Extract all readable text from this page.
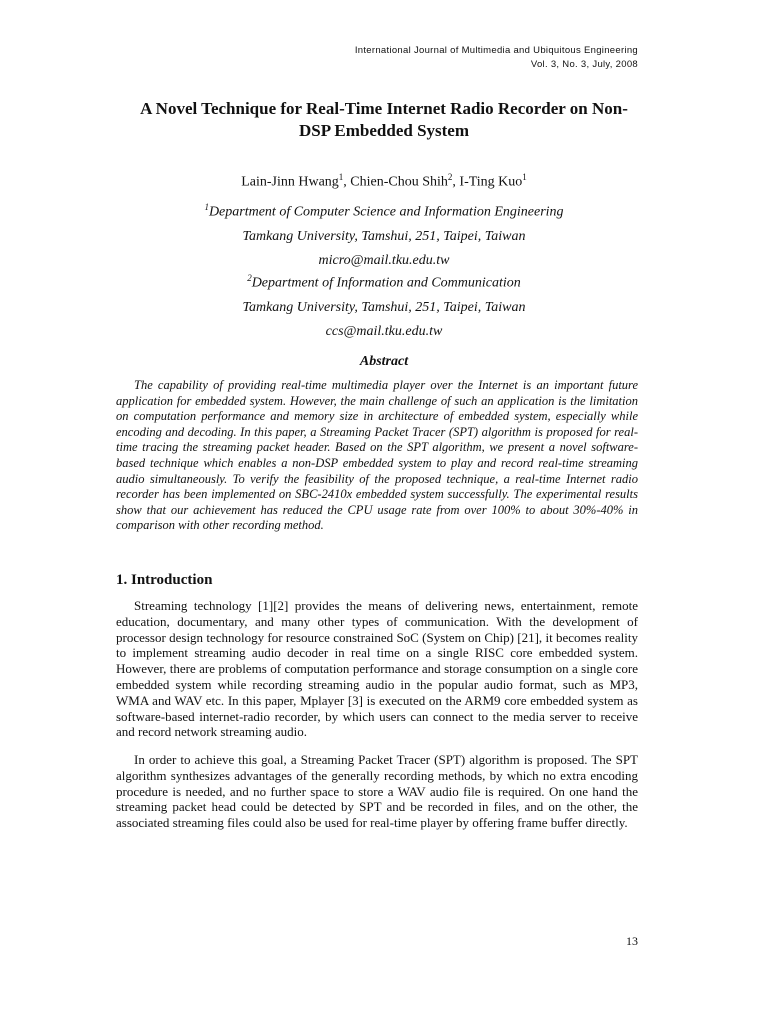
International Journal of Multimedia and Ubiquitous Engineering
Vol. 3, No. 3, July, 2008
A Novel Technique for Real-Time Internet Radio Recorder on Non-
DSP Embedded System
Lain-Jinn Hwang$^1$, Chien-Chou Shih$^2$, I-Ting Kuo$^1$
$^1$Department of Computer Science and Information Engineering
Tamkang University, Tamshui, 251, Taipei, Taiwan
micro@mail.tku.edu.tw
$^2$Department of Information and Communication
Tamkang University, Tamshui, 251, Taipei, Taiwan
ccs@mail.tku.edu.tw
Abstract

The capability of providing real-time multimedia player over the Internet is an important future application for embedded system. However, the main challenge of such an application is the limitation on computation performance and memory size in architecture of embedded system, especially while encoding and decoding. In this paper, a Streaming Packet Tracer (SPT) algorithm is proposed for real-time tracing the streaming packet header. Based on the SPT algorithm, we present a novel software-based technique which enables a non-DSP embedded system to play and record real-time streaming audio simultaneously. To verify the feasibility of the proposed technique, a real-time Internet radio recorder has been implemented on SBC-2410x embedded system successfully. The experimental results show that our achievement has reduced the CPU usage rate from over 100% to about 30%-40% in comparison with other recording method.

1. Introduction

Streaming technology [1][2] provides the means of delivering news, entertainment, remote education, documentary, and many other types of communication. With the development of processor design technology for resource constrained SoC (System on Chip) [21], it becomes reality to implement streaming audio decoder in real time on a single RISC core embedded system. However, there are problems of computation performance and storage consumption on a single core embedded system while recording streaming audio in the popular audio format, such as MP3, WMA and WAV etc. In this paper, Mplayer [3] is executed on the ARM9 core embedded system as software-based internet-radio recorder, by which users can connect to the media server to receive and record network streaming audio.

In order to achieve this goal, a Streaming Packet Tracer (SPT) algorithm is proposed. The SPT algorithm synthesizes advantages of the generally recording methods, by which no extra encoding procedure is needed, and no further space to store a WAV audio file is required. On one hand the streaming packet head could be detected by SPT and be recorded in files, and on the other, the associated streaming files could also be used for real-time player by offering frame buffer directly.

13
